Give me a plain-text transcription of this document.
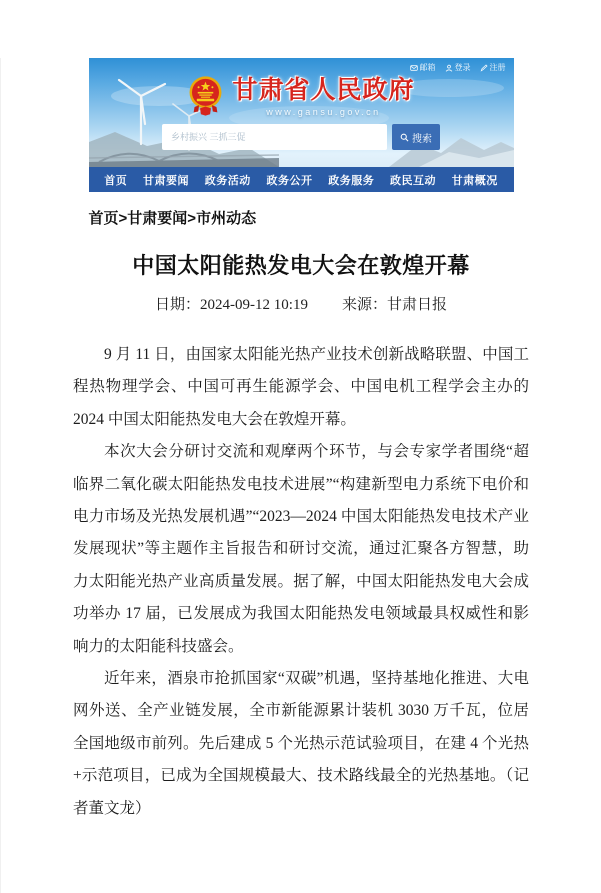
邮箱 登录 注册
甘肃省人民政府
www.gansu.gov.cn
乡村振兴 三抓三促
搜索
首页 甘肃要闻 政务活动 政务公开 政务服务 政民互动 甘肃概况
首页>甘肃要闻>市州动态
中国太阳能热发电大会在敦煌开幕
日期：2024-09-12 10:19 来源：甘肃日报

9 月 11 日，由国家太阳能光热产业技术创新战略联盟、中国工程热物理学会、中国可再生能源学会、中国电机工程学会主办的 2024 中国太阳能热发电大会在敦煌开幕。

本次大会分研讨交流和观摩两个环节，与会专家学者围绕“超临界二氧化碳太阳能热发电技术进展”“构建新型电力系统下电价和电力市场及光热发展机遇”“2023—2024 中国太阳能热发电技术产业发展现状”等主题作主旨报告和研讨交流，通过汇聚各方智慧，助力太阳能光热产业高质量发展。据了解，中国太阳能热发电大会成功举办 17 届，已发展成为我国太阳能热发电领域最具权威性和影响力的太阳能科技盛会。

近年来，酒泉市抢抓国家“双碳”机遇，坚持基地化推进、大电网外送、全产业链发展，全市新能源累计装机 3030 万千瓦，位居全国地级市前列。先后建成 5 个光热示范试验项目，在建 4 个光热+示范项目，已成为全国规模最大、技术路线最全的光热基地。（记者董文龙）
